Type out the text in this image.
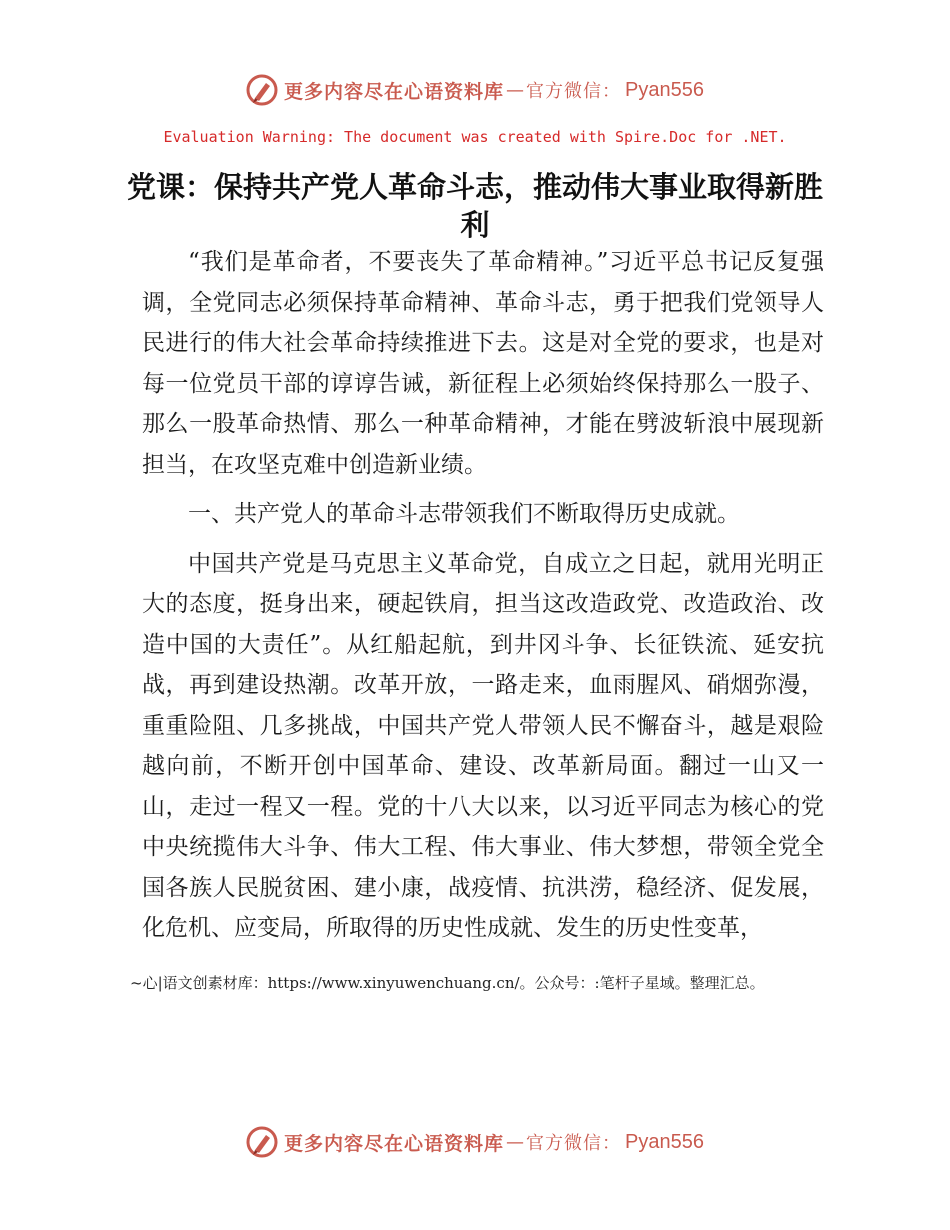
更多内容尽在心语资料库 — 官方微信： Pyan556
Evaluation Warning: The document was created with Spire.Doc for .NET.
党课：保持共产党人革命斗志，推动伟大事业取得新胜利

“我们是革命者，不要丧失了革命精神。”习近平总书记反复强调，全党同志必须保持革命精神、革命斗志，勇于把我们党领导人民进行的伟大社会革命持续推进下去。这是对全党的要求，也是对每一位党员干部的谆谆告诫，新征程上必须始终保持那么一股子、那么一股革命热情、那么一种革命精神，才能在劈波斩浪中展现新担当，在攻坚克难中创造新业绩。

一、共产党人的革命斗志带领我们不断取得历史成就。

中国共产党是马克思主义革命党，自成立之日起，就用光明正大的态度，挺身出来，硬起铁肩，担当这改造政党、改造政治、改造中国的大责任”。从红船起航，到井冈斗争、长征铁流、延安抗战，再到建设热潮。改革开放，一路走来，血雨腥风、硝烟弥漫，重重险阻、几多挑战，中国共产党人带领人民不懈奋斗，越是艰险越向前，不断开创中国革命、建设、改革新局面。翻过一山又一山，走过一程又一程。党的十八大以来，以习近平同志为核心的党中央统揽伟大斗争、伟大工程、伟大事业、伟大梦想，带领全党全国各族人民脱贫困、建小康，战疫情、抗洪涝，稳经济、促发展，化危机、应变局，所取得的历史性成就、发生的历史性变革，

~心|语文创素材库：https://www.xinyuwenchuang.cn/。公众号：:笔杆子星域。整理汇总。
更多内容尽在心语资料库 — 官方微信： Pyan556
